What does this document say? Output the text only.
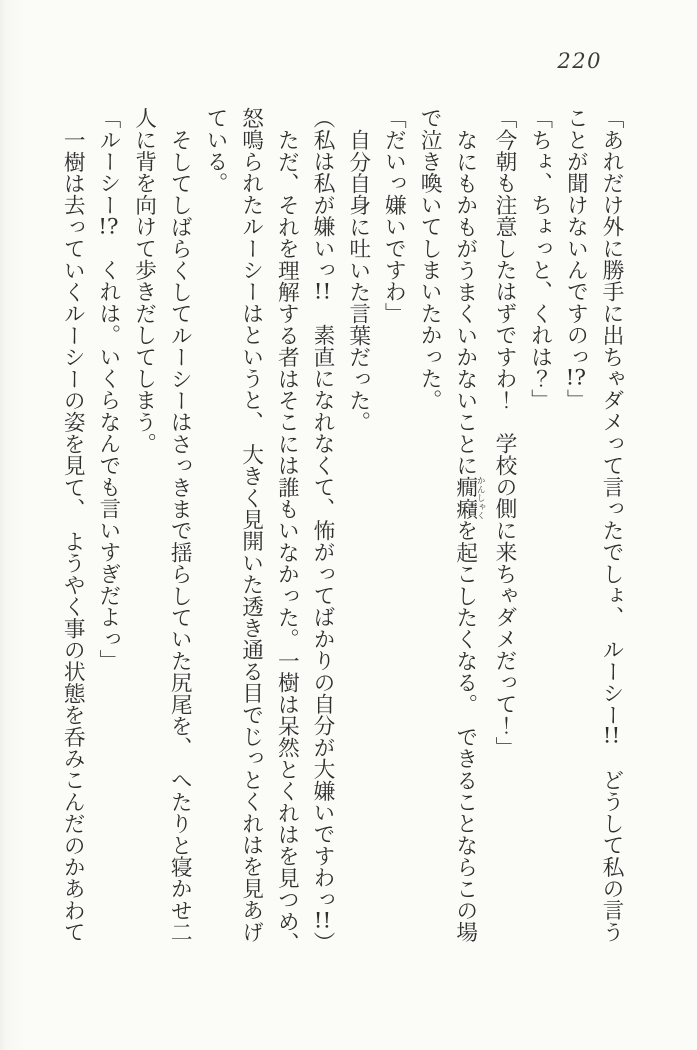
220

「あれだけ外に勝手に出ちゃダメって言ったでしょ、　ルーシー!!　どうして私の言うことが聞けないんですのっ!?」

「ちょ、ちょっと、くれは？」

「今朝も注意したはずですわ！　学校の側に来ちゃダメだって！」

なにもかもがうまくいかないことに癇癪かんしゃくを起こしたくなる。　できることならこの場で泣き喚いてしまいたかった。

「だいっ嫌いですわ」

自分自身に吐いた言葉だった。

（私は私が嫌いっ!!　素直になれなくて、怖がってばかりの自分が大嫌いですわっ!!）

ただ、それを理解する者はそこには誰もいなかった。一樹は呆然とくれはを見つめ、怒鳴られたルーシーはというと、　大きく見開いた透き通る目でじっとくれはを見あげている。

そしてしばらくしてルーシーはさっきまで揺らしていた尻尾を、　へたりと寝かせ二人に背を向けて歩きだしてしまう。

「ルーシー!?　くれは。いくらなんでも言いすぎだよっ」

一樹は去っていくルーシーの姿を見て、　ようやく事の状態を呑みこんだのかあわて
